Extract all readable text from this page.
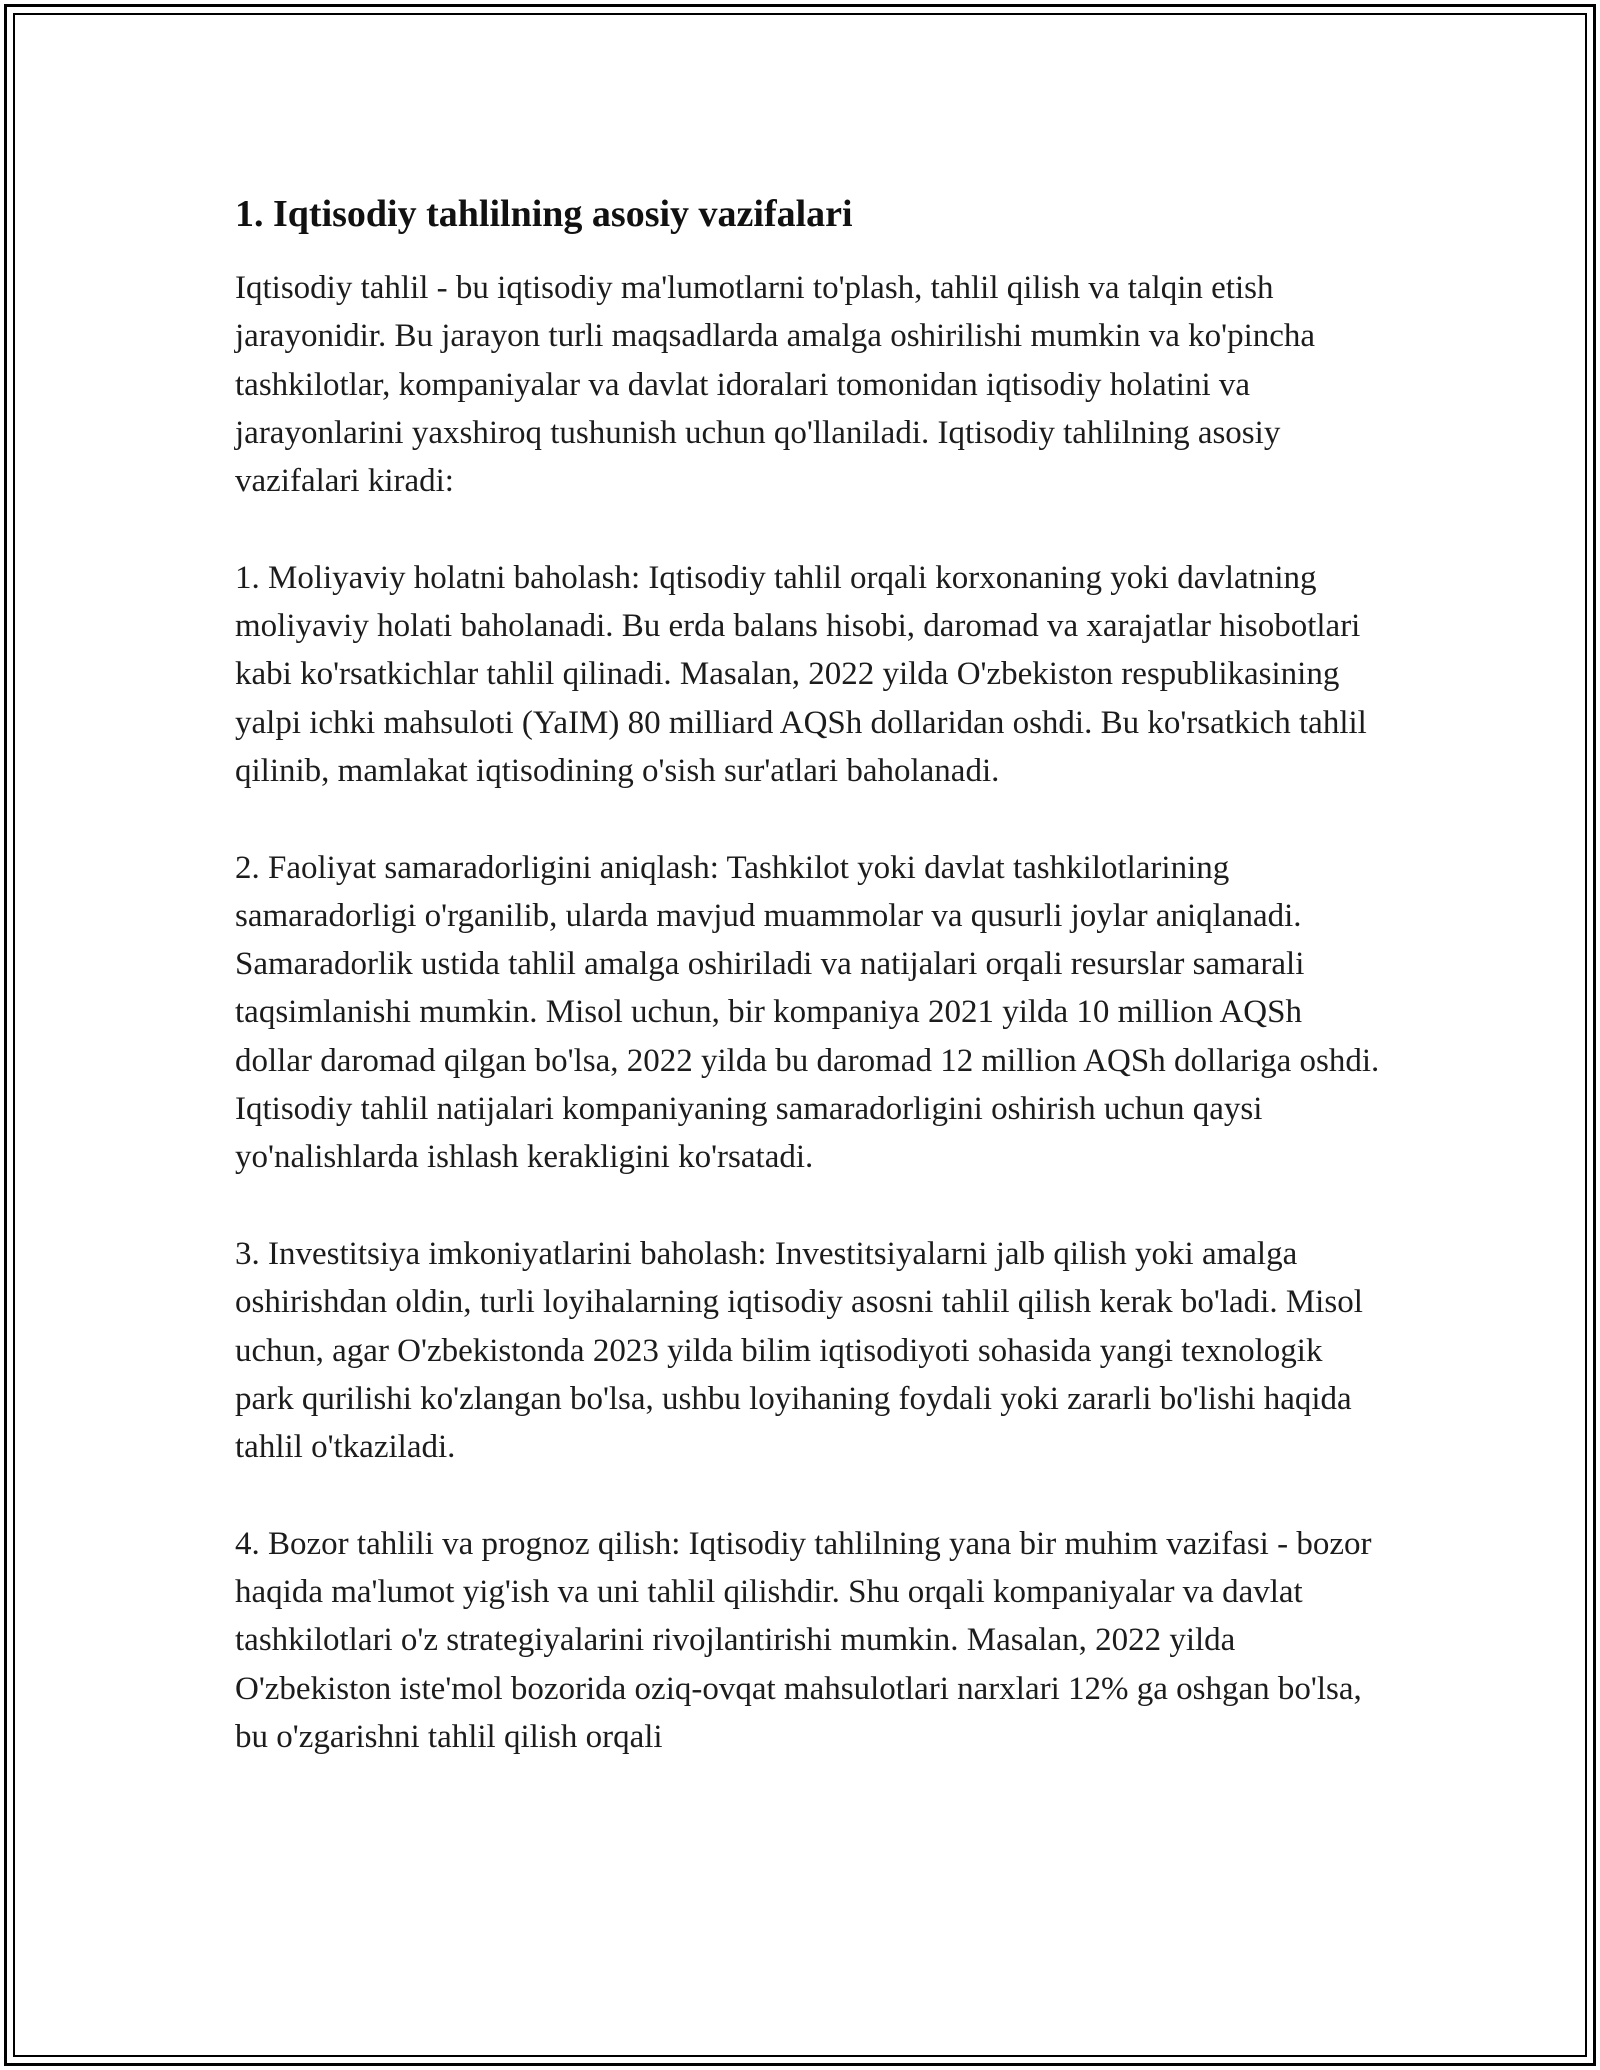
1. Iqtisodiy tahlilning asosiy vazifalari

Iqtisodiy tahlil - bu iqtisodiy ma'lumotlarni to'plash, tahlil qilish va talqin etish jarayonidir. Bu jarayon turli maqsadlarda amalga oshirilishi mumkin va ko'pincha tashkilotlar, kompaniyalar va davlat idoralari tomonidan iqtisodiy holatini va jarayonlarini yaxshiroq tushunish uchun qo'llaniladi. Iqtisodiy tahlilning asosiy vazifalari kiradi:

1. Moliyaviy holatni baholash: Iqtisodiy tahlil orqali korxonaning yoki davlatning moliyaviy holati baholanadi. Bu erda balans hisobi, daromad va xarajatlar hisobotlari kabi ko'rsatkichlar tahlil qilinadi. Masalan, 2022 yilda O'zbekiston respublikasining yalpi ichki mahsuloti (YaIM) 80 milliard AQSh dollaridan oshdi. Bu ko'rsatkich tahlil qilinib, mamlakat iqtisodining o'sish sur'atlari baholanadi.

2. Faoliyat samaradorligini aniqlash: Tashkilot yoki davlat tashkilotlarining samaradorligi o'rganilib, ularda mavjud muammolar va qusurli joylar aniqlanadi. Samaradorlik ustida tahlil amalga oshiriladi va natijalari orqali resurslar samarali taqsimlanishi mumkin. Misol uchun, bir kompaniya 2021 yilda 10 million AQSh dollar daromad qilgan bo'lsa, 2022 yilda bu daromad 12 million AQSh dollariga oshdi. Iqtisodiy tahlil natijalari kompaniyaning samaradorligini oshirish uchun qaysi yo'nalishlarda ishlash kerakligini ko'rsatadi.

3. Investitsiya imkoniyatlarini baholash: Investitsiyalarni jalb qilish yoki amalga oshirishdan oldin, turli loyihalarning iqtisodiy asosni tahlil qilish kerak bo'ladi. Misol uchun, agar O'zbekistonda 2023 yilda bilim iqtisodiyoti sohasida yangi texnologik park qurilishi ko'zlangan bo'lsa, ushbu loyihaning foydali yoki zararli bo'lishi haqida tahlil o'tkaziladi.

4. Bozor tahlili va prognoz qilish: Iqtisodiy tahlilning yana bir muhim vazifasi - bozor haqida ma'lumot yig'ish va uni tahlil qilishdir. Shu orqali kompaniyalar va davlat tashkilotlari o'z strategiyalarini rivojlantirishi mumkin. Masalan, 2022 yilda O'zbekiston iste'mol bozorida oziq-ovqat mahsulotlari narxlari 12% ga oshgan bo'lsa, bu o'zgarishni tahlil qilish orqali
